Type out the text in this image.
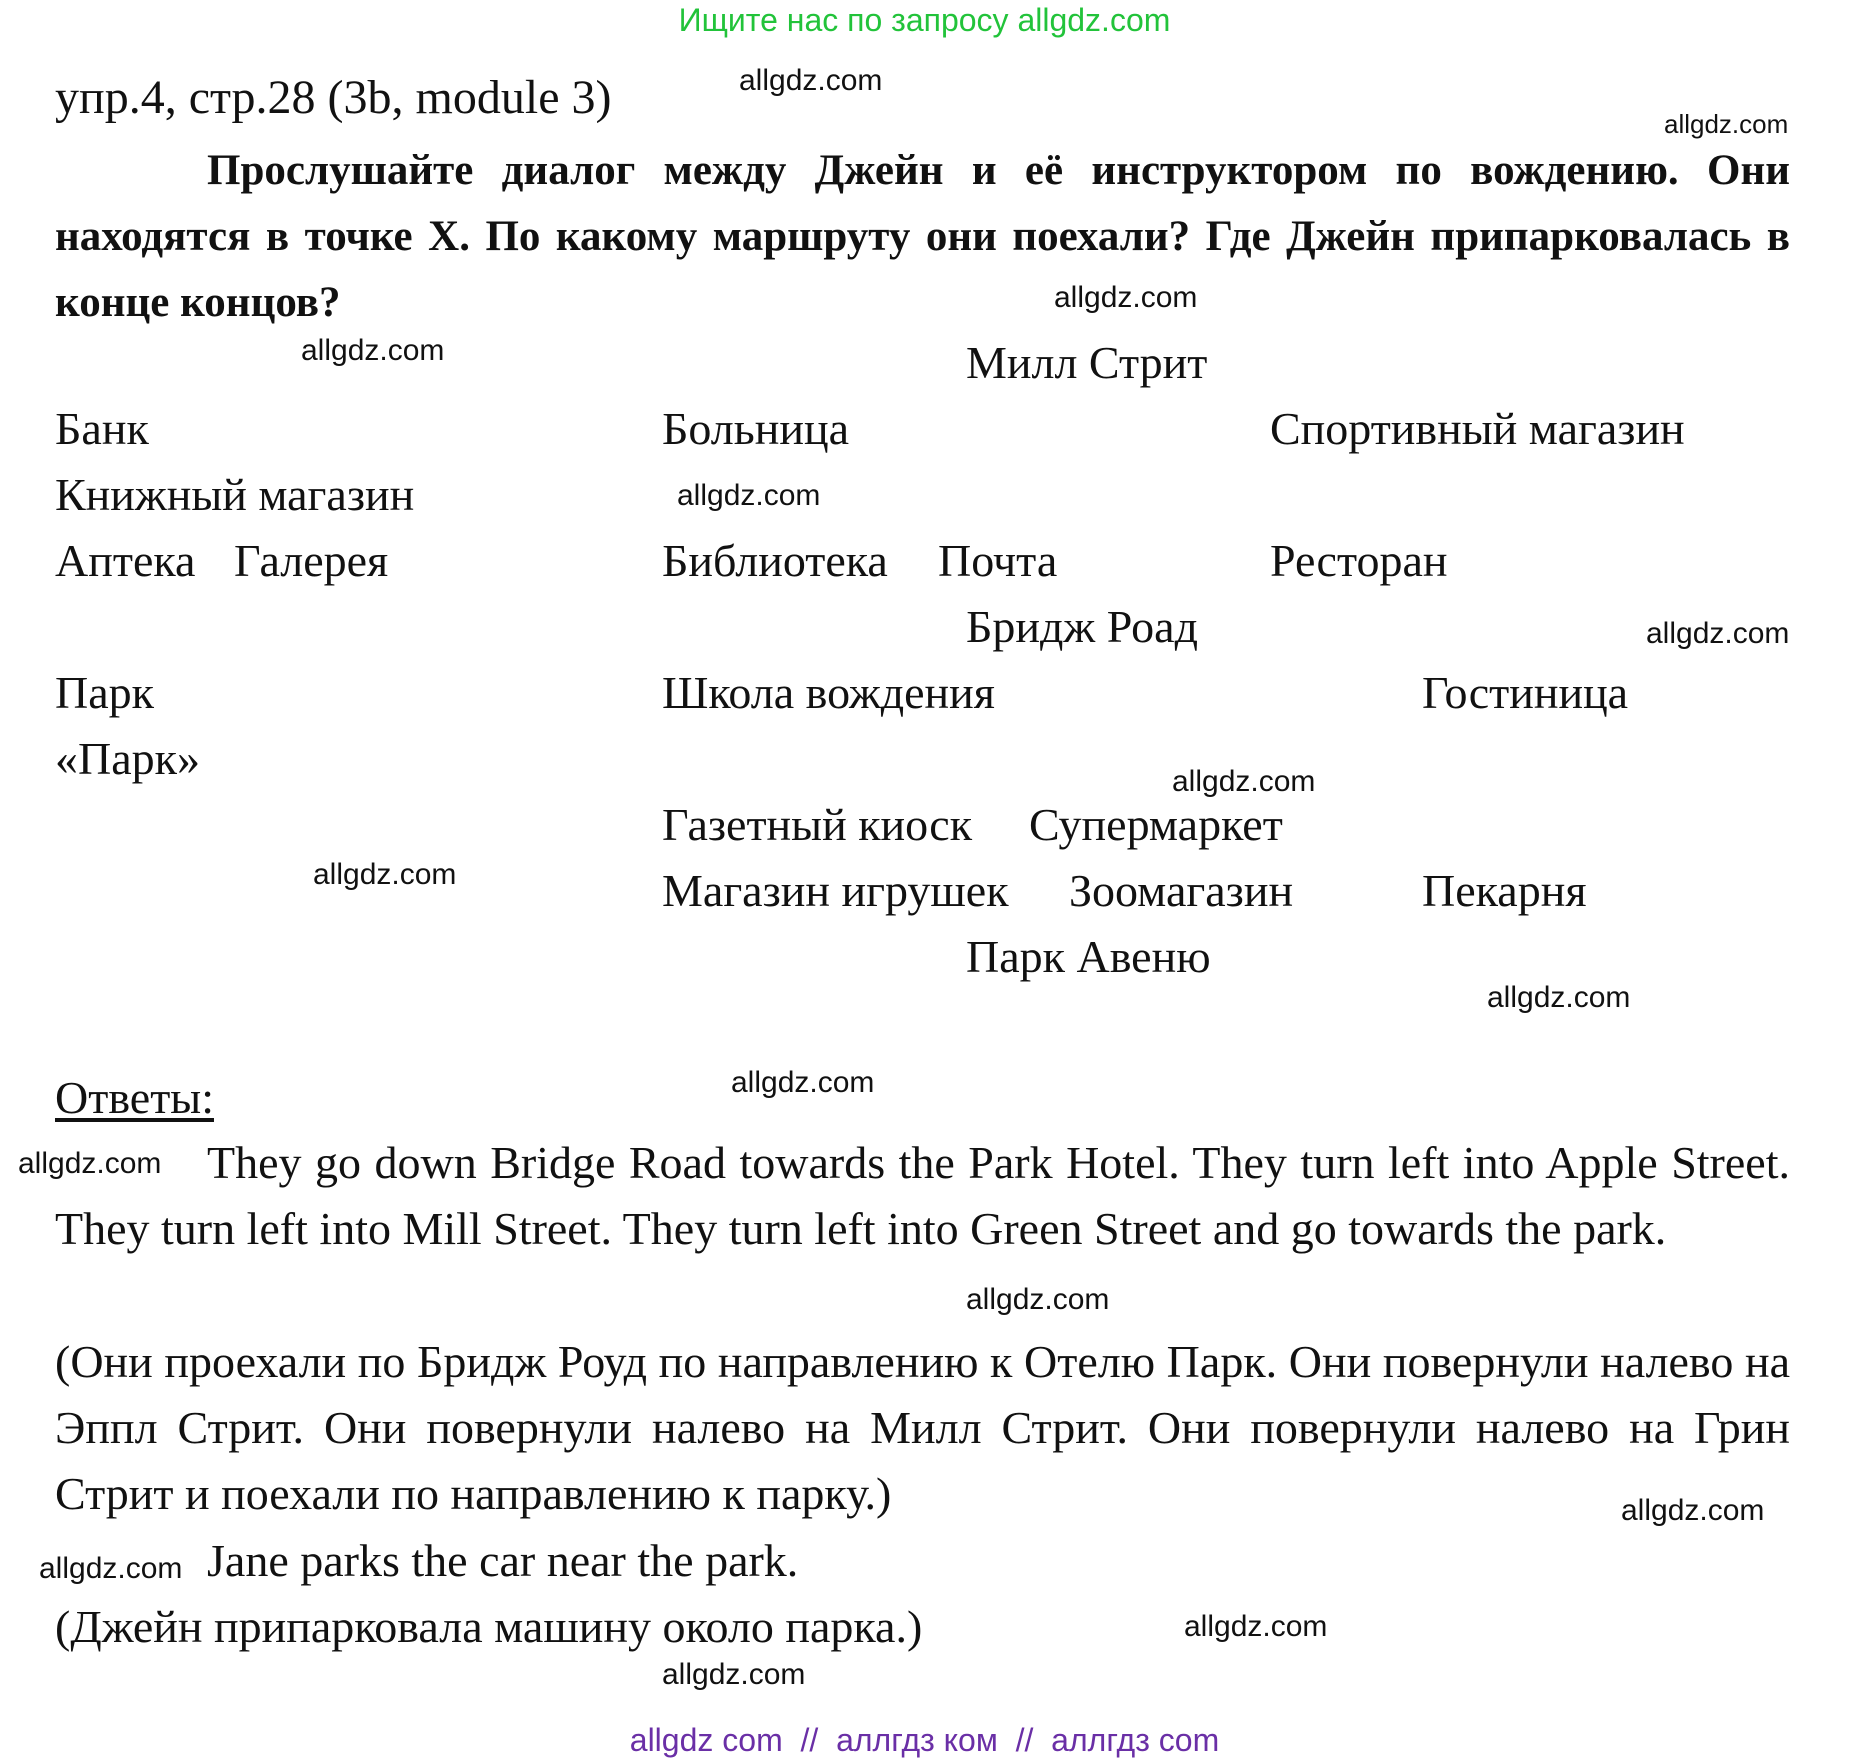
Ищите нас по запросу allgdz.com
упр.4, стр.28 (3b, module 3)

Прослушайте диалог между Джейн и её инструктором по вождению. Они находятся в точке X. По какому маршруту они поехали? Где Джейн припарковалась в конце концов?

Милл Стрит
Банк	Больница	Спортивный магазин
Книжный магазин
Аптека Галерея	Библиотека Почта	Ресторан
Бридж Роад
Парк	Школа вождения	Гостиница
«Парк»
Газетный киоск Супермаркет
Магазин игрушек Зоомагазин	Пекарня
Парк Авеню
Ответы:

They go down Bridge Road towards the Park Hotel. They turn left into Apple Street. They turn left into Mill Street. They turn left into Green Street and go towards the park.

(Они проехали по Бридж Роуд по направлению к Отелю Парк. Они повернули налево на Эппл Стрит. Они повернули налево на Милл Стрит. Они повернули налево на Грин Стрит и поехали по направлению к парку.)

Jane parks the car near the park.

(Джейн припарковала машину около парка.)

allgdz.com
allgdz.com
allgdz.com
allgdz.com
allgdz.com
allgdz.com
allgdz.com
allgdz.com
allgdz.com
allgdz.com
allgdz.com
allgdz.com
allgdz.com
allgdz.com
allgdz.com
allgdz.com
allgdz com  //  аллгдз ком  //  аллгдз com
